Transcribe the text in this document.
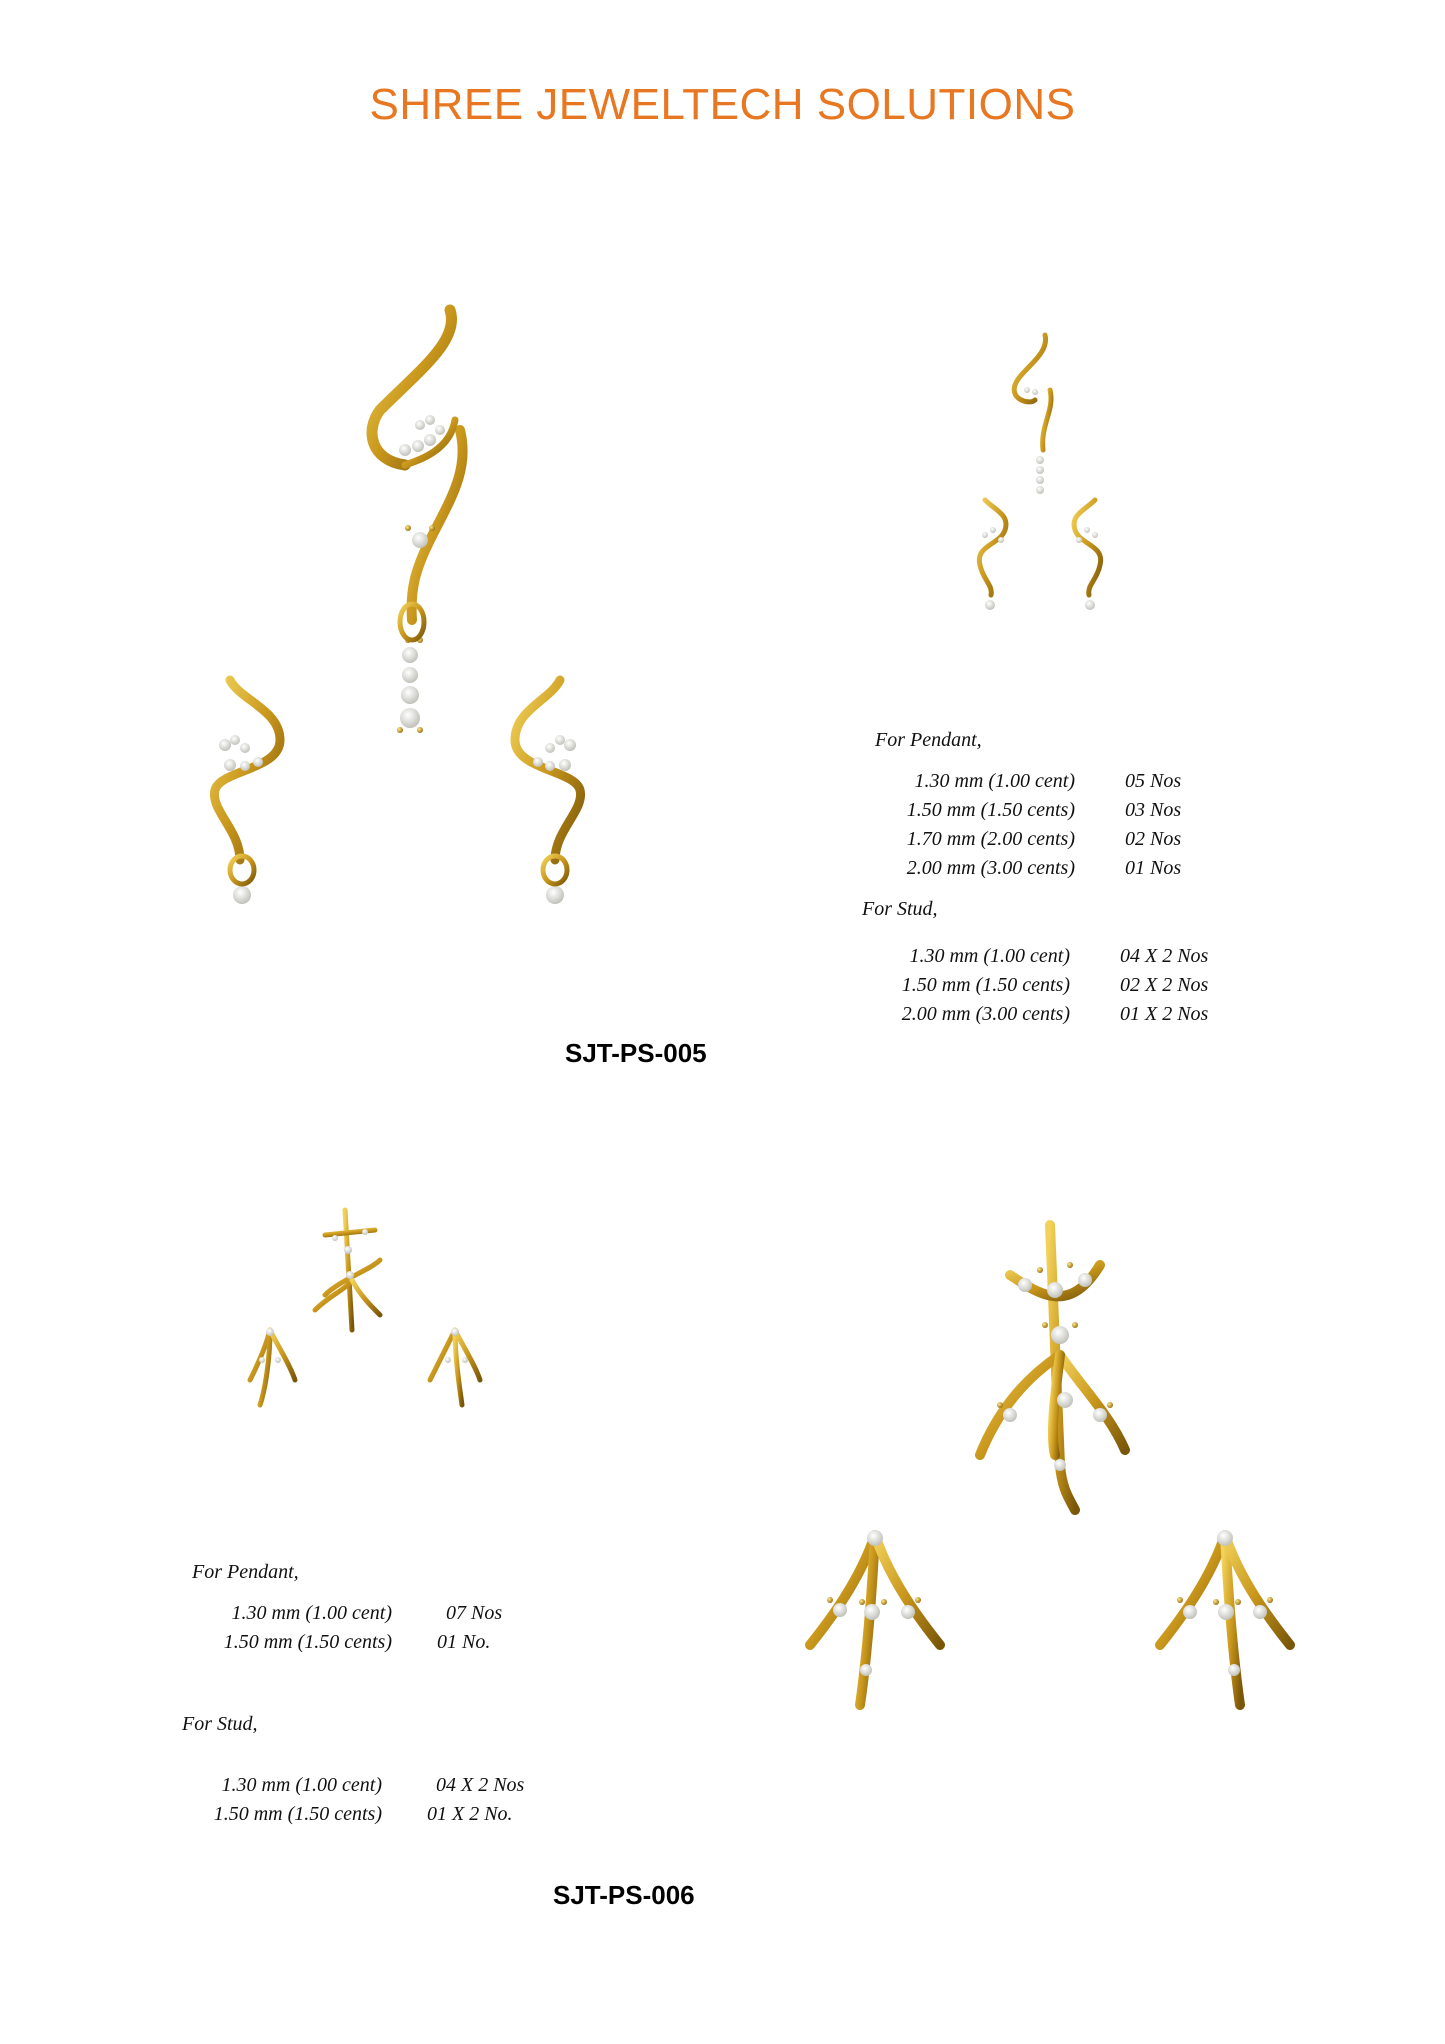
SHREE JEWELTECH SOLUTIONS
For Pendant,
1.30 mm (1.00 cent)	05 Nos
1.50 mm (1.50 cents)	03 Nos
1.70 mm (2.00 cents)	02 Nos
2.00 mm (3.00 cents)	01 Nos
For Stud,
1.30 mm (1.00 cent)	04 X 2 Nos
1.50 mm (1.50 cents)	02 X 2 Nos
2.00 mm (3.00 cents)	01 X 2 Nos
SJT-PS-005
For Pendant,
1.30 mm (1.00 cent)	07 Nos
1.50 mm (1.50 cents) 01 No.
For Stud,
1.30 mm (1.00 cent)	04 X 2 Nos
1.50 mm (1.50 cents) 01 X 2 No.
SJT-PS-006
